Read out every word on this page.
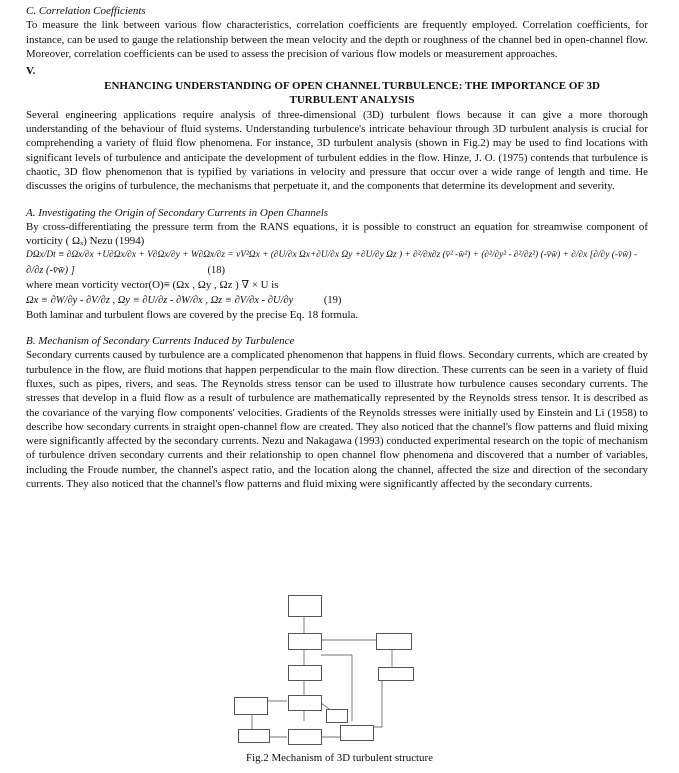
C. Correlation Coefficients

To measure the link between various flow characteristics, correlation coefficients are frequently employed. Correlation coefficients, for instance, can be used to gauge the relationship between the mean velocity and the depth or roughness of the channel bed in open-channel flow. Moreover, correlation coefficients can be used to assess the precision of various flow models or measurement approaches.

V.

ENHANCING UNDERSTANDING OF OPEN CHANNEL TURBULENCE: THE IMPORTANCE OF 3D TURBULENT ANALYSIS

Several engineering applications require analysis of three-dimensional (3D) turbulent flows because it can give a more thorough understanding of the behaviour of fluid systems. Understanding turbulence's intricate behaviour through 3D turbulent analysis is crucial for comprehending a variety of fluid flow phenomena. For instance, 3D turbulent analysis (shown in Fig.2) may be used to find locations with significant levels of turbulence and anticipate the development of turbulent eddies in the flow. Hinze, J. O. (1975) contends that turbulence is chaotic, 3D flow phenomenon that is typified by variations in velocity and pressure that occur over a wide range of length and time. He discusses the origins of turbulence, the mechanisms that perpetuate it, and the components that determine its development and severity.

A. Investigating the Origin of Secondary Currents in Open Channels

By cross-differentiating the pressure term from the RANS equations, it is possible to construct an equation for streamwise component of vorticity ( Ωₓ) Nezu (1994)

DΩx/Dt ≡ ∂Ωx/∂x +U∂Ωx/∂x + V∂Ωx/∂y + W∂Ωx/∂z = νV²Ωx + (∂U/∂x Ωx+∂U/∂x Ωy +∂U/∂y Ωz ) + ∂²/∂x∂z (v̄² -w̄²) + (∂²/∂y² - ∂²/∂z²) (-v̄w̄) + ∂/∂x [∂/∂y (-v̄w̄) -

∂/∂z (-v̄w̄) ]	(18)

where mean vorticity vector(O)≡ (Ωx , Ωy , Ωz ) ∇ × U is

Ωx ≡ ∂W/∂y - ∂V/∂z , Ωy ≡ ∂U/∂z - ∂W/∂x , Ωz ≡ ∂V/∂x - ∂U/∂y	(19)

Both laminar and turbulent flows are covered by the precise Eq. 18 formula.

B. Mechanism of Secondary Currents Induced by Turbulence

Secondary currents caused by turbulence are a complicated phenomenon that happens in fluid flows. Secondary currents, which are created by turbulence in the flow, are fluid motions that happen perpendicular to the main flow direction. These currents can be seen in a variety of fluid fluxes, such as pipes, rivers, and seas. The Reynolds stress tensor can be used to illustrate how turbulence causes secondary currents. The stresses that develop in a fluid flow as a result of turbulence are mathematically represented by the Reynolds stress tensor. It is described as the covariance of the varying flow components' velocities. Gradients of the Reynolds stresses were initially used by Einstein and Li (1958) to describe how secondary currents in straight open-channel flow are created. They also noticed that the channel's flow patterns and fluid mixing were significantly affected by the secondary currents. Nezu and Nakagawa (1993) conducted experimental research on the topic of mechanism of turbulence driven secondary currents and their relationship to open channel flow phenomena and discovered that a number of variables, including the Froude number, the channel's aspect ratio, and the location along the channel, affected the size and direction of the secondary currents. They also noticed that the channel's flow patterns and fluid mixing were significantly affected by the secondary currents.

Fig.2 Mechanism of 3D turbulent structure
